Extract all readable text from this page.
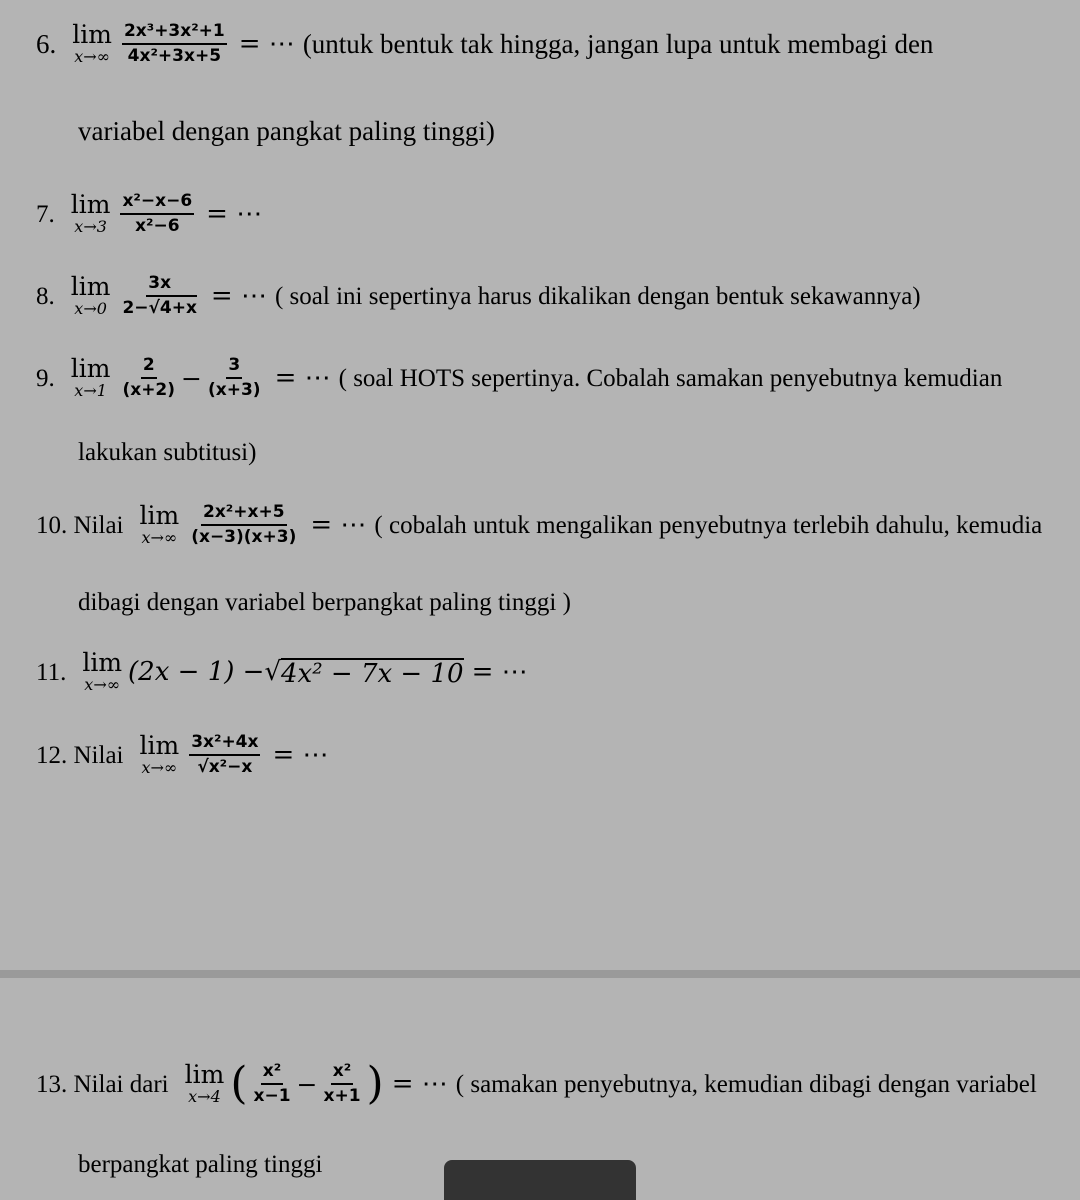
6. lim
$x\to\infty \frac{\text{2x³+3x²+1}}{\text{4x²+3x+5}}$ = ⋯ (untuk bentuk tak hingga, jangan lupa untuk membagi den
variabel dengan pangkat paling tinggi)
7. lim
$x\to 3 \frac{\text{x²−x−6}}{\text{x²−6}}$ = ⋯
8. lim
$x\to 0 \frac{3x}{2-√4+x}$ = ⋯ ( soal ini sepertinya harus dikalikan dengan bentuk sekawannya)
9. lim
$x\to 1 \frac{2}{(x+2)} - \frac{3}{(x+3)}$ = ⋯ ( soal HOTS sepertinya. Cobalah samakan penyebutnya kemudian
lakukan subtitusi)
10. Nilai lim
$x\to\infty \frac{\text{2x²+x+5}}{(x-3)(x+3)}$ = ⋯ ( cobalah untuk mengalikan penyebutnya terlebih dahulu, kemudia
dibagi dengan variabel berpangkat paling tinggi )
11. lim
x→∞ (2x − 1) − √ 4x² − 7x − 10 = ⋯
12. Nilai lim
$x\to\infty \frac{\text{3x²+4x}}{\text{√x²−x}}$ = ⋯
13. Nilai dari lim
x→4 ( $\frac{\text{x²}}{x-1} - \frac{\text{x²}}{x+1}$ ) = ⋯ ( samakan penyebutnya, kemudian dibagi dengan variabel
berpangkat paling tinggi
